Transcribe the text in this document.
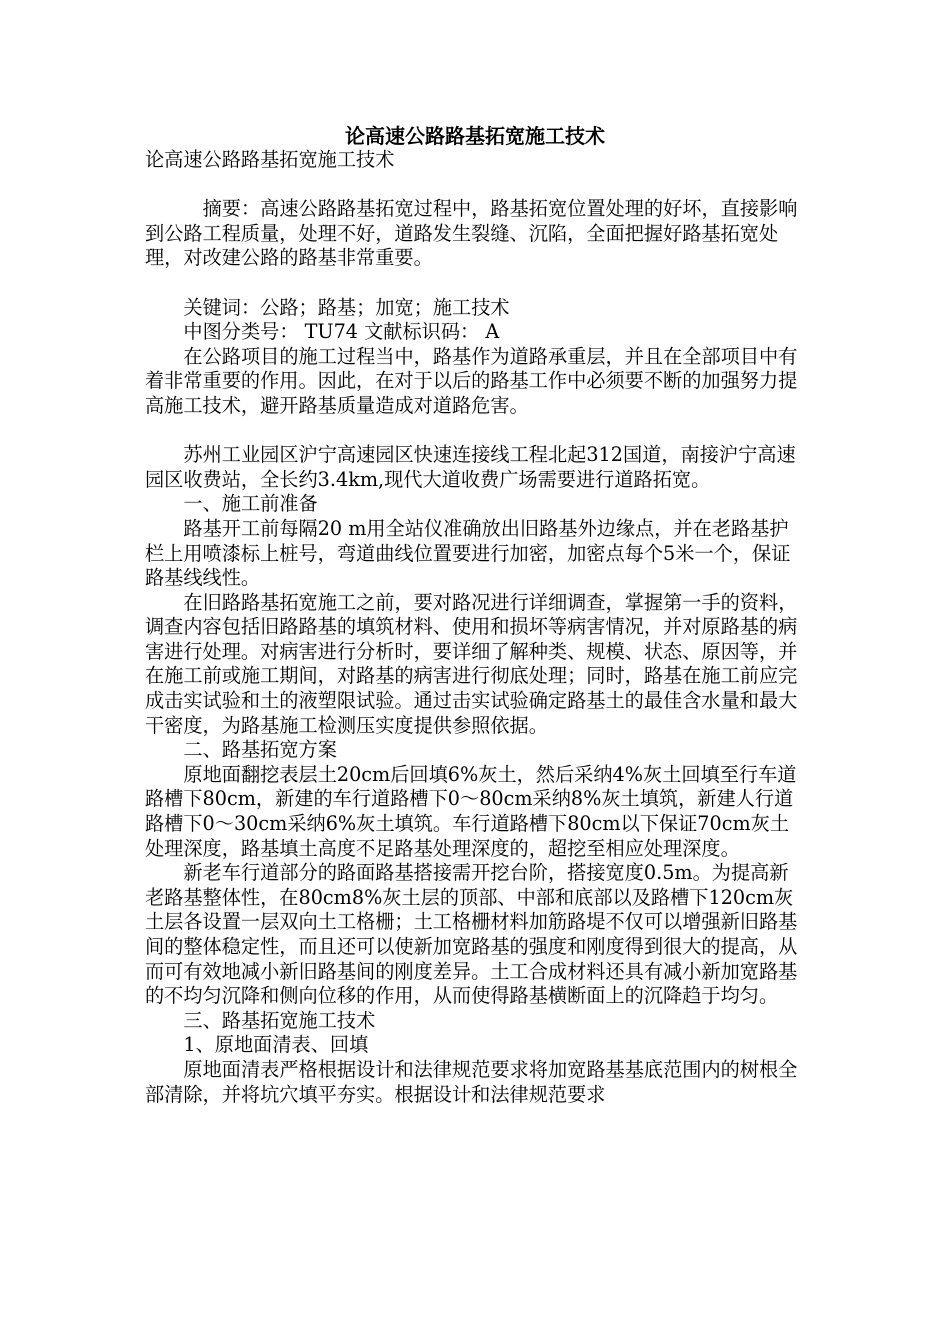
论高速公路路基拓宽施工技术

论高速公路路基拓宽施工技术

摘要：高速公路路基拓宽过程中，路基拓宽位置处理的好坏，直接影响到公路工程质量，处理不好，道路发生裂缝、沉陷，全面把握好路基拓宽处理，对改建公路的路基非常重要。

关键词：公路；路基；加宽；施工技术

中图分类号： TU74 文献标识码： A

在公路项目的施工过程当中，路基作为道路承重层，并且在全部项目中有着非常重要的作用。因此，在对于以后的路基工作中必须要不断的加强努力提高施工技术，避开路基质量造成对道路危害。

苏州工业园区沪宁高速园区快速连接线工程北起312国道，南接沪宁高速园区收费站，全长约3.4km,现代大道收费广场需要进行道路拓宽。

一、施工前准备

路基开工前每隔20 m用全站仪准确放出旧路基外边缘点，并在老路基护栏上用喷漆标上桩号，弯道曲线位置要进行加密，加密点每个5米一个，保证路基线线性。

在旧路路基拓宽施工之前，要对路况进行详细调查，掌握第一手的资料，调查内容包括旧路路基的填筑材料、使用和损坏等病害情况，并对原路基的病害进行处理。对病害进行分析时，要详细了解种类、规模、状态、原因等，并在施工前或施工期间，对路基的病害进行彻底处理；同时，路基在施工前应完成击实试验和土的液塑限试验。通过击实试验确定路基土的最佳含水量和最大干密度，为路基施工检测压实度提供参照依据。

二、路基拓宽方案

原地面翻挖表层土20cm后回填6%灰土，然后采纳4%灰土回填至行车道路槽下80cm，新建的车行道路槽下0～80cm采纳8%灰土填筑，新建人行道路槽下0～30cm采纳6%灰土填筑。车行道路槽下80cm以下保证70cm灰土处理深度，路基填土高度不足路基处理深度的，超挖至相应处理深度。

新老车行道部分的路面路基搭接需开挖台阶，搭接宽度0.5m。为提高新老路基整体性，在80cm8%灰土层的顶部、中部和底部以及路槽下120cm灰土层各设置一层双向土工格栅；土工格栅材料加筋路堤不仅可以增强新旧路基间的整体稳定性，而且还可以使新加宽路基的强度和刚度得到很大的提高，从而可有效地减小新旧路基间的刚度差异。土工合成材料还具有减小新加宽路基的不均匀沉降和侧向位移的作用，从而使得路基横断面上的沉降趋于均匀。

三、路基拓宽施工技术

1、原地面清表、回填

原地面清表严格根据设计和法律规范要求将加宽路基基底范围内的树根全部清除，并将坑穴填平夯实。根据设计和法律规范要求
